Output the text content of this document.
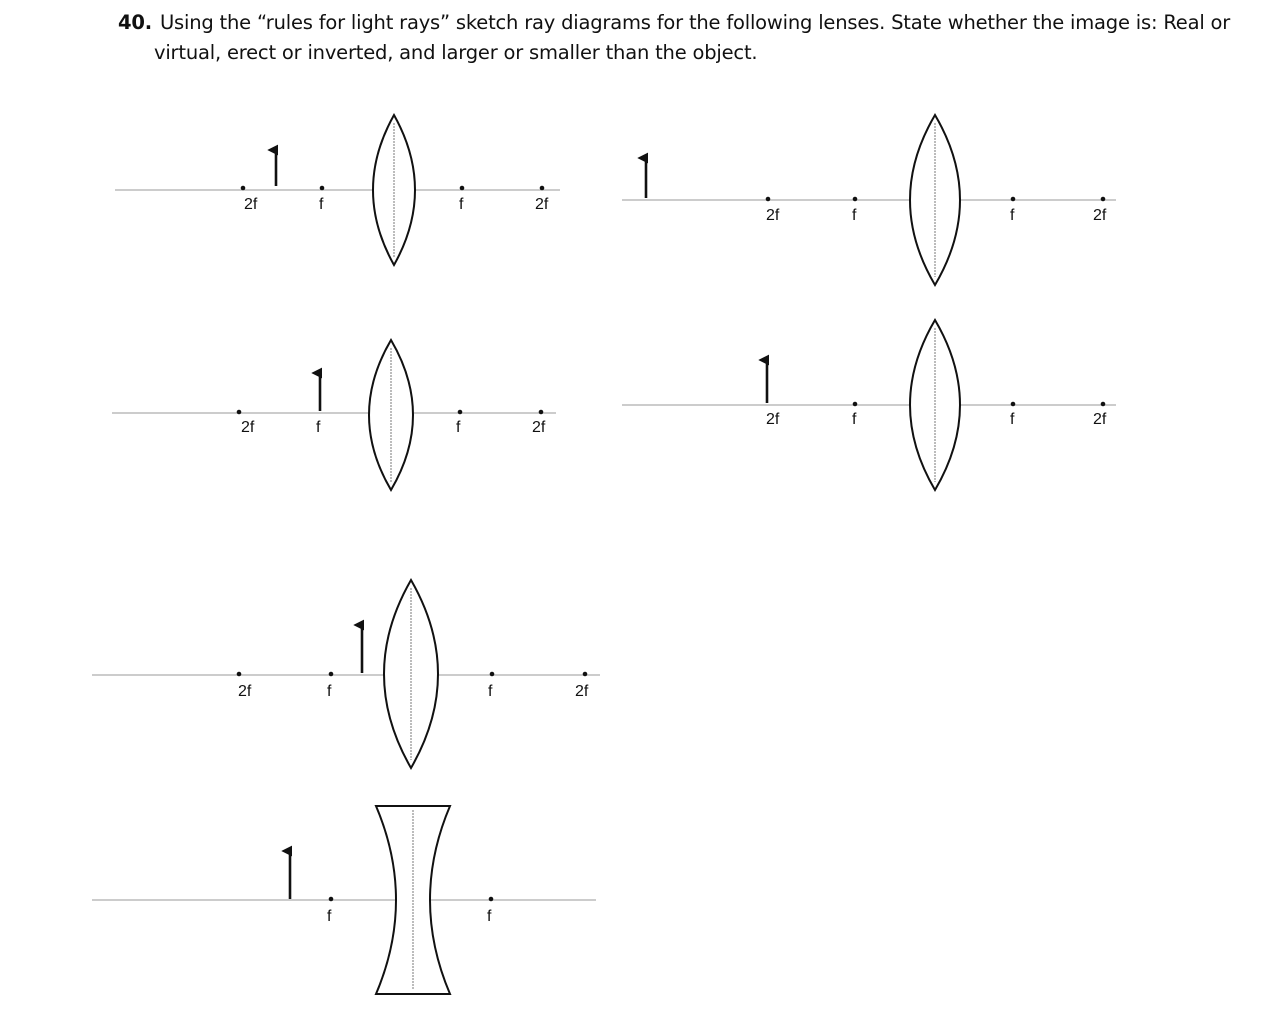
40. Using the “rules for light rays” sketch ray diagrams for the following lenses. State whether the image is: Real or
virtual, erect or inverted, and larger or smaller than the object.
2f	f	f	2f
2f	f	f	2f
2f	f	f	2f	2f	f	f	2f
2f	f	f	2f
f	f
